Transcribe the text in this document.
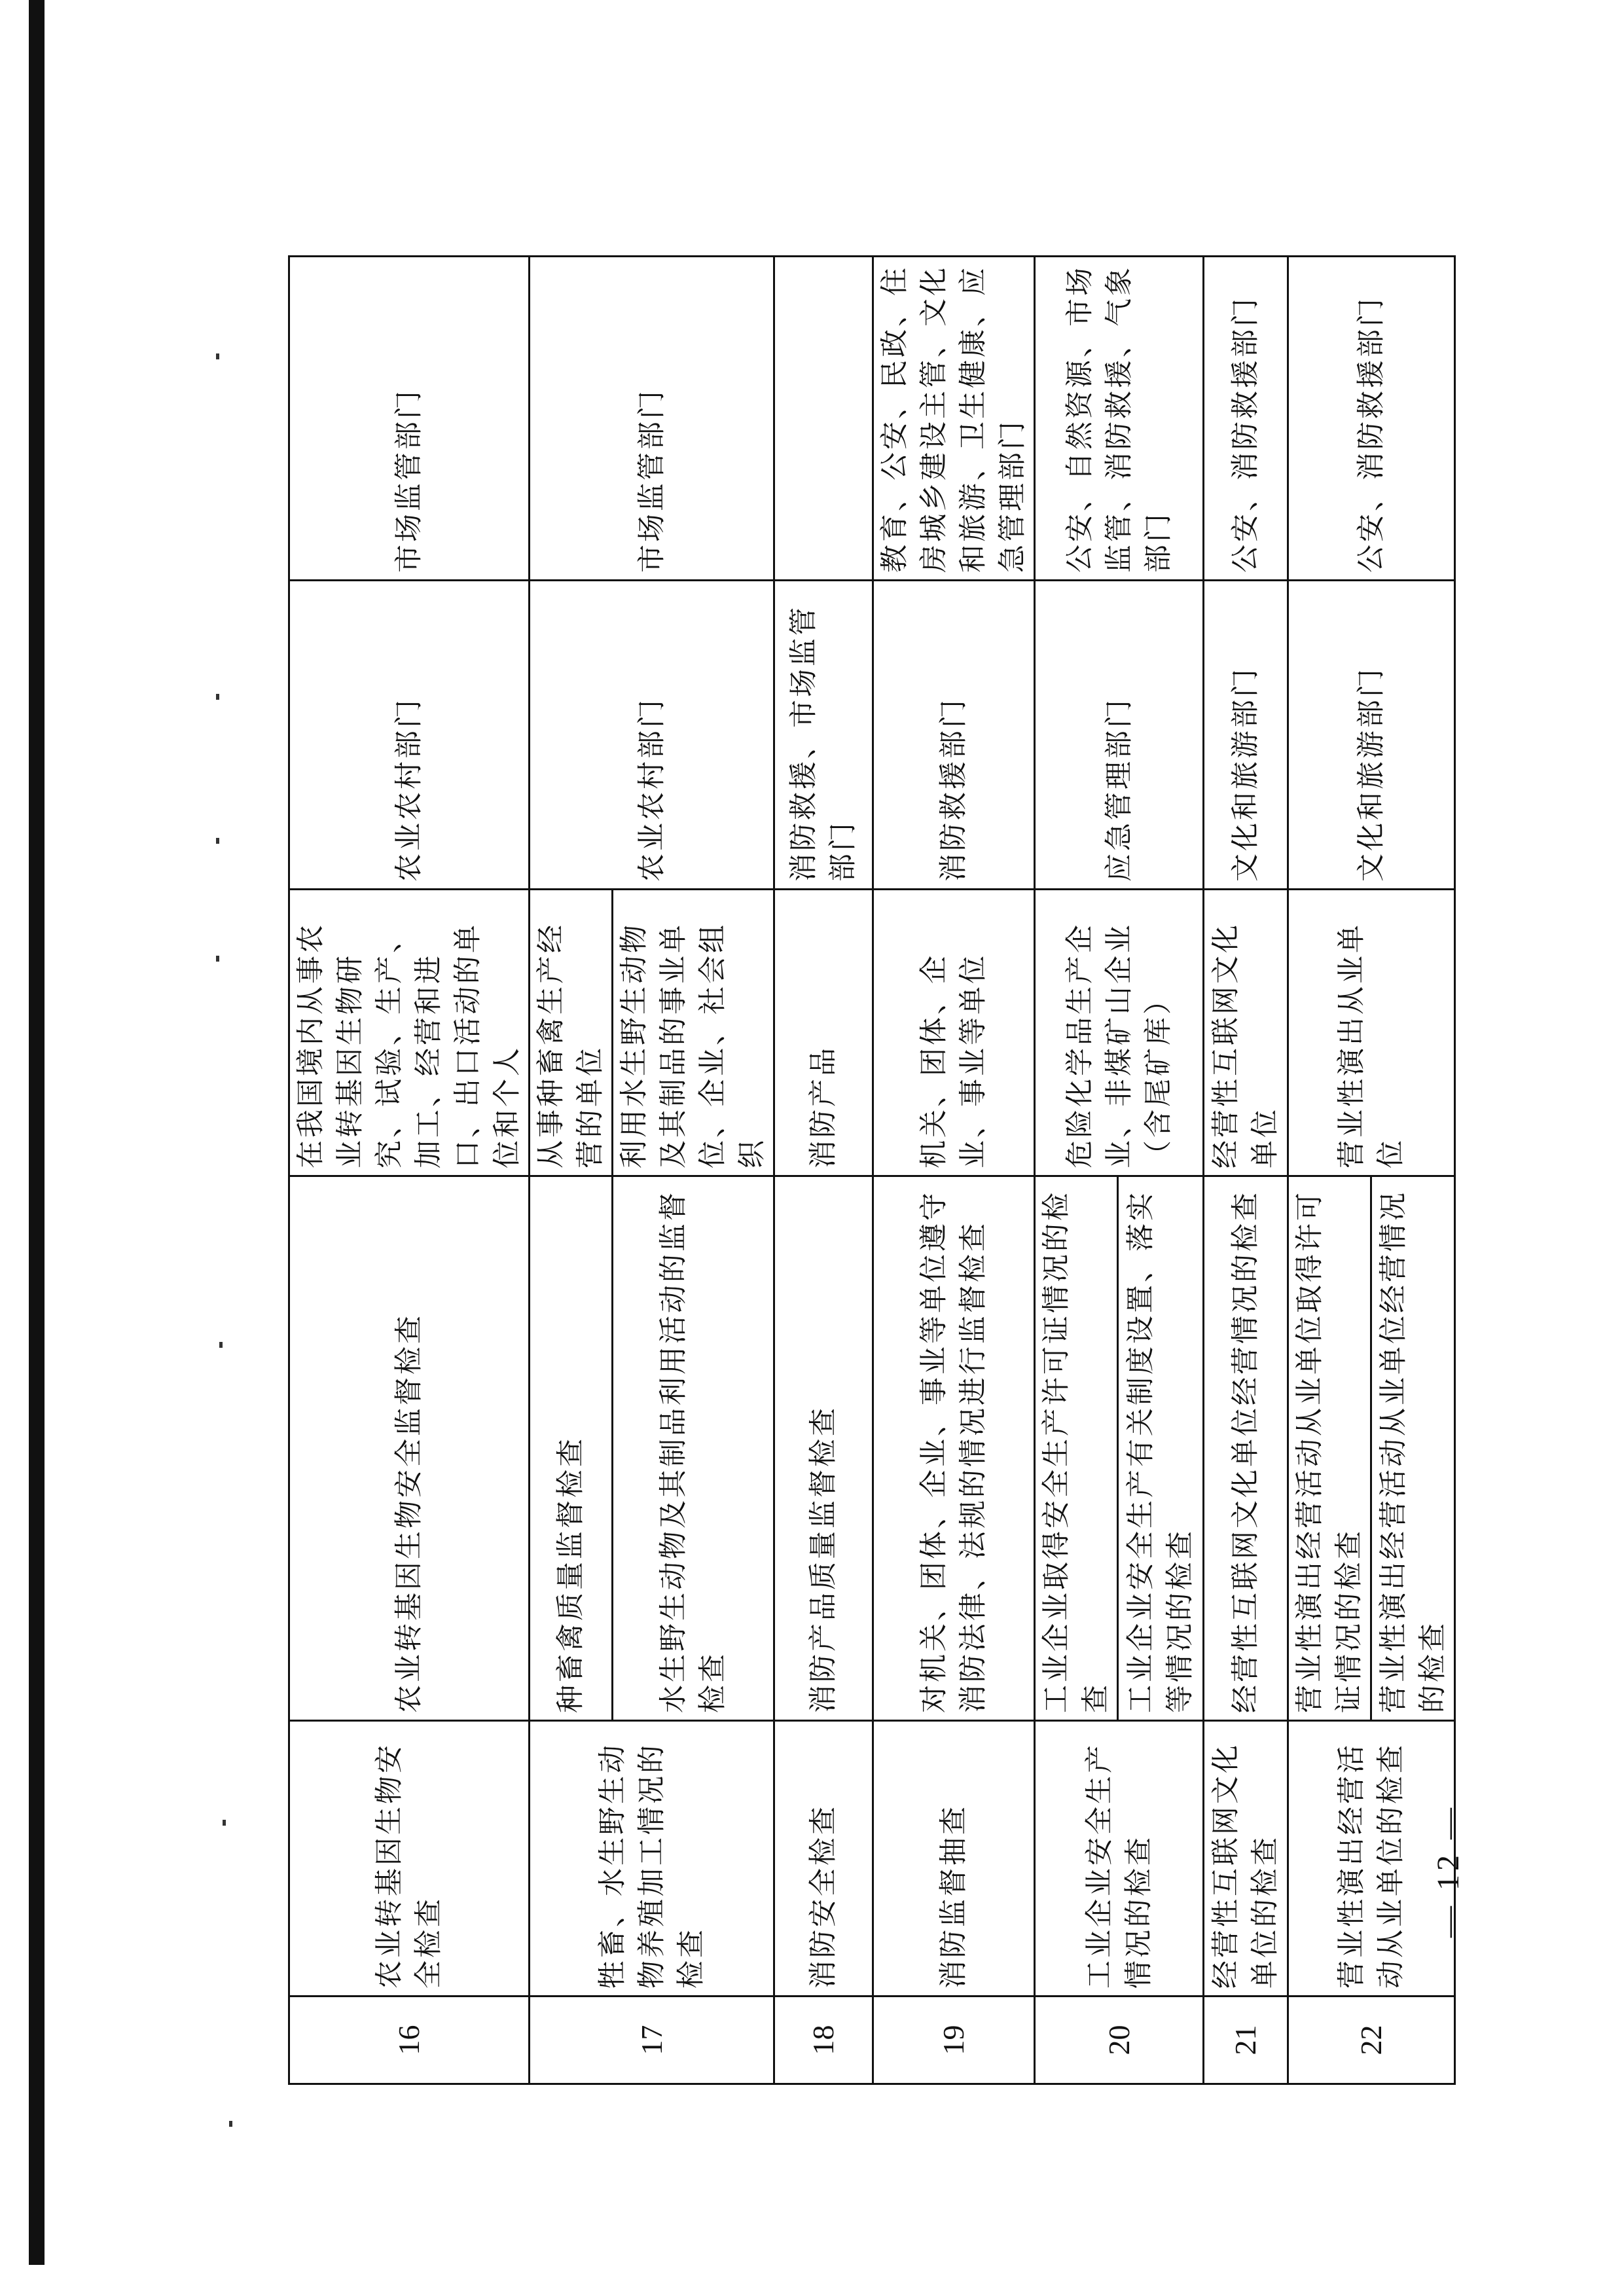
16	农业转基因生物安全检查	农业转基因生物安全监督检查	在我国境内从事农业转基因生物研究、试验、生产、加工、经营和进口、出口活动的单位和个人	农业农村部门	市场监管部门
17	牲畜、水生野生动物养殖加工情况的检查	种畜禽质量监督检查	从事种畜禽生产经营的单位	农业农村部门	市场监管部门
		水生野生动物及其制品利用活动的监督检查	利用水生野生动物及其制品的事业单位、企业、社会组织		
18	消防安全检查	消防产品质量监督检查	消防产品	消防救援、市场监管部门	
19	消防监督抽查	对机关、团体、企业、事业等单位遵守消防法律、法规的情况进行监督检查	机关、团体、企业、事业等单位	消防救援部门	教育、公安、民政、住房城乡建设主管、文化和旅游、卫生健康、应急管理部门
20	工业企业安全生产情况的检查	工业企业取得安全生产许可证情况的检查	危险化学品生产企业、非煤矿山企业（含尾矿库）	应急管理部门	公安、自然资源、市场监管、消防救援、气象部门
		工业企业安全生产有关制度设置、落实等情况的检查			
21	经营性互联网文化单位的检查	经营性互联网文化单位经营情况的检查	经营性互联网文化单位	文化和旅游部门	公安、消防救援部门
22	营业性演出经营活动从业单位的检查	营业性演出经营活动从业单位取得许可证情况的检查	营业性演出从业单位	文化和旅游部门	公安、消防救援部门
		营业性演出经营活动从业单位经营情况的检查			
— 12 —
